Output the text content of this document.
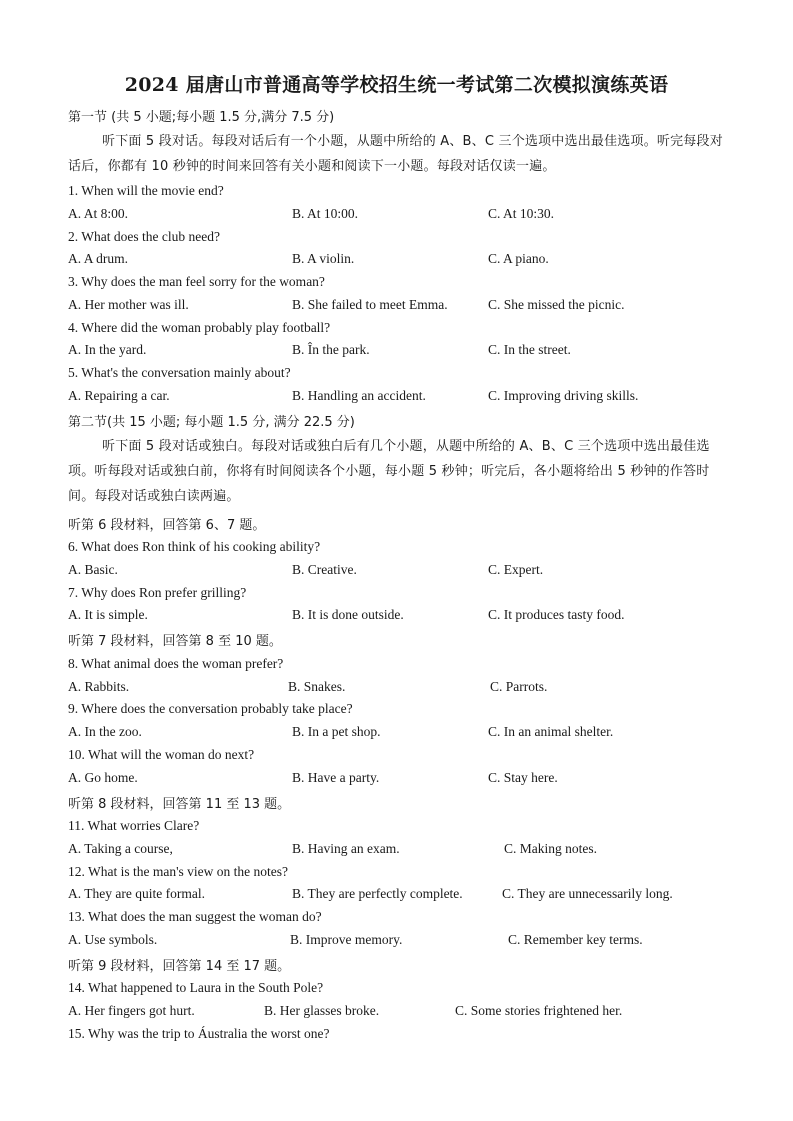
2024 届唐山市普通高等学校招生统一考试第二次模拟演练英语
第一节 (共 5 小题;每小题 1.5 分,满分 7.5 分)
听下面 5 段对话。每段对话后有一个小题，从题中所给的 A、B、C 三个选项中选出最佳选项。听完每段对话后，你都有 10 秒钟的时间来回答有关小题和阅读下一小题。每段对话仅读一遍。
1. When will the movie end?
A. At 8:00.	B. At 10:00.	C. At 10:30.
2. What does the club need?
A. A drum.	B. A violin.	C. A piano.
3. Why does the man feel sorry for the woman?
A. Her mother was ill.	B. She failed to meet Emma.	C. She missed the picnic.
4. Where did the woman probably play football?
A. In the yard.	B. În the park.	C. In the street.
5. What's the conversation mainly about?
A. Repairing a car.	B. Handling an accident.	C. Improving driving skills.
第二节(共 15 小题; 每小题 1.5 分, 满分 22.5 分)
听下面 5 段对话或独白。每段对话或独白后有几个小题，从题中所给的 A、B、C 三个选项中选出最佳选项。听每段对话或独白前，你将有时间阅读各个小题，每小题 5 秒钟；听完后，各小题将给出 5 秒钟的作答时间。每段对话或独白读两遍。
听第 6 段材料，回答第 6、7 题。
6. What does Ron think of his cooking ability?
A. Basic.	B. Creative.	C. Expert.
7. Why does Ron prefer grilling?
A. It is simple.	B. It is done outside.	C. It produces tasty food.
听第 7 段材料，回答第 8 至 10 题。
8. What animal does the woman prefer?
A. Rabbits.	B. Snakes.	C. Parrots.
9. Where does the conversation probably take place?
A. In the zoo.	B. In a pet shop.	C. In an animal shelter.
10. What will the woman do next?
A. Go home.	B. Have a party.	C. Stay here.
听第 8 段材料，回答第 11 至 13 题。
11. What worries Clare?
A. Taking a course,	B. Having an exam.	C. Making notes.
12. What is the man's view on the notes?
A. They are quite formal.	B. They are perfectly complete.	C. They are unnecessarily long.
13. What does the man suggest the woman do?
A. Use symbols.	B. Improve memory.	C. Remember key terms.
听第 9 段材料，回答第 14 至 17 题。
14. What happened to Laura in the South Pole?
A. Her fingers got hurt.	B. Her glasses broke.	C. Some stories frightened her.
15. Why was the trip to Áustralia the worst one?
